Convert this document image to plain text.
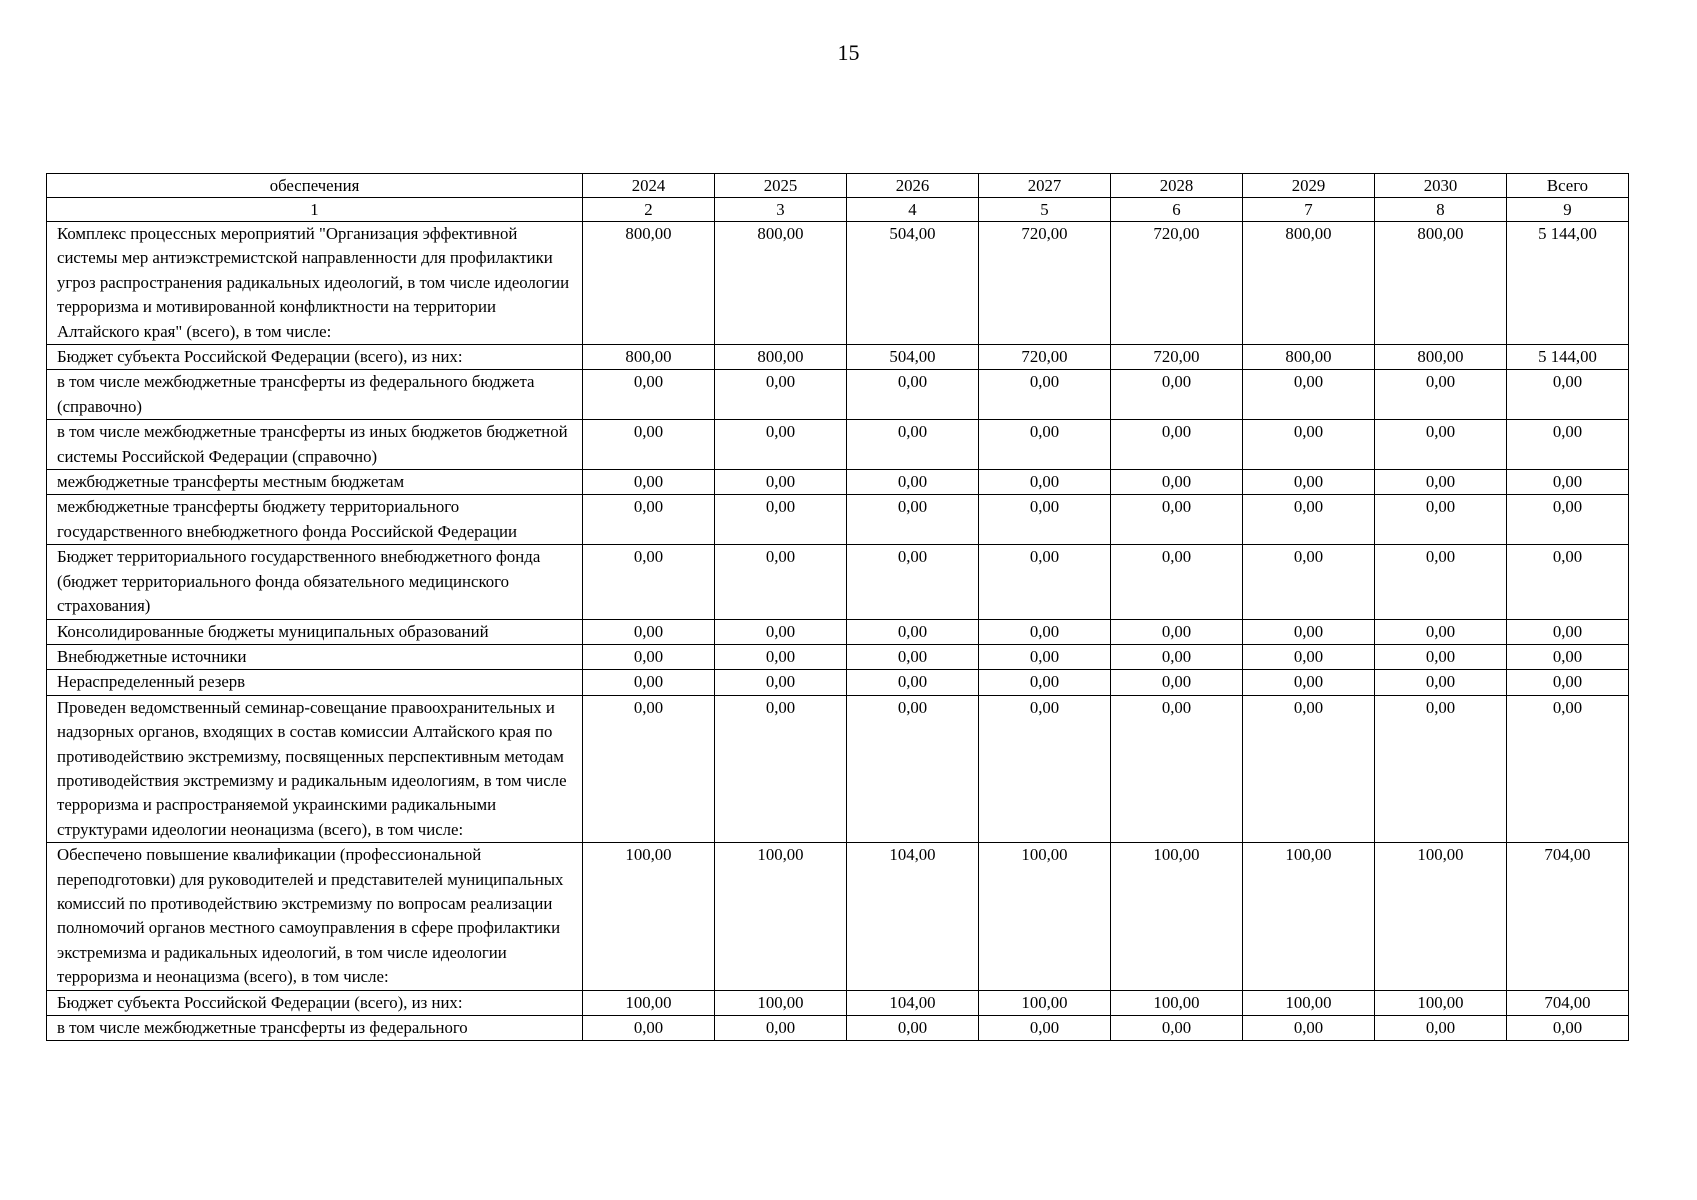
15
обеспечения	2024	2025	2026	2027	2028	2029	2030	Всего
1	2	3	4	5	6	7	8	9
Комплекс процессных мероприятий "Организация эффективной системы мер антиэкстремистской направленности для профилактики угроз распространения радикальных идеологий, в том числе идеологии терроризма и мотивированной конфликтности на территории Алтайского края" (всего), в том числе:	800,00	800,00	504,00	720,00	720,00	800,00	800,00	5 144,00
Бюджет субъекта Российской Федерации (всего), из них:	800,00	800,00	504,00	720,00	720,00	800,00	800,00	5 144,00
в том числе межбюджетные трансферты из федерального бюджета (справочно)	0,00	0,00	0,00	0,00	0,00	0,00	0,00	0,00
в том числе межбюджетные трансферты из иных бюджетов бюджетной системы Российской Федерации (справочно)	0,00	0,00	0,00	0,00	0,00	0,00	0,00	0,00
межбюджетные трансферты местным бюджетам	0,00	0,00	0,00	0,00	0,00	0,00	0,00	0,00
межбюджетные трансферты бюджету территориального государственного внебюджетного фонда Российской Федерации	0,00	0,00	0,00	0,00	0,00	0,00	0,00	0,00
Бюджет территориального государственного внебюджетного фонда (бюджет территориального фонда обязательного медицинского страхования)	0,00	0,00	0,00	0,00	0,00	0,00	0,00	0,00
Консолидированные бюджеты муниципальных образований	0,00	0,00	0,00	0,00	0,00	0,00	0,00	0,00
Внебюджетные источники	0,00	0,00	0,00	0,00	0,00	0,00	0,00	0,00
Нераспределенный резерв	0,00	0,00	0,00	0,00	0,00	0,00	0,00	0,00
Проведен ведомственный семинар-совещание правоохранительных и надзорных органов, входящих в состав комиссии Алтайского края по противодействию экстремизму, посвященных перспективным методам противодействия экстремизму и радикальным идеологиям, в том числе терроризма и распространяемой украинскими радикальными структурами идеологии неонацизма (всего), в том числе:	0,00	0,00	0,00	0,00	0,00	0,00	0,00	0,00
Обеспечено повышение квалификации (профессиональной переподготовки) для руководителей и представителей муниципальных комиссий по противодействию экстремизму по вопросам реализации полномочий органов местного самоуправления в сфере профилактики экстремизма и радикальных идеологий, в том числе идеологии терроризма и неонацизма (всего), в том числе:	100,00	100,00	104,00	100,00	100,00	100,00	100,00	704,00
Бюджет субъекта Российской Федерации (всего), из них:	100,00	100,00	104,00	100,00	100,00	100,00	100,00	704,00
в том числе межбюджетные трансферты из федерального	0,00	0,00	0,00	0,00	0,00	0,00	0,00	0,00
